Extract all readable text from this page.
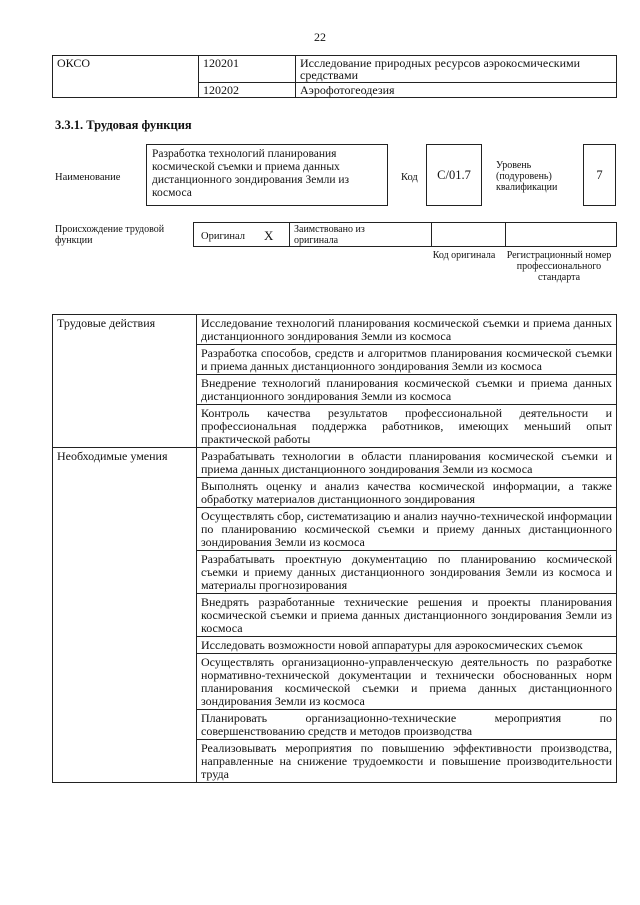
22
ОКСО	120201	Исследование природных ресурсов аэрокосмическими средствами
	120202	Аэрофотогеодезия
3.3.1. Трудовая функция
Наименование
Разработка технологий планирования космической съемки и приема данных дистанционного зондирования Земли из космоса
Код	C/01.7
Уровень (подуровень) квалификации
7
Происхождение трудовой функции	Оригинал X Заимствовано из оригинала
Код оригинала	Регистрационный номер профессионального стандарта
Трудовые действия	Исследование технологий планирования космической съемки и приема данных дистанционного зондирования Земли из космоса
	Разработка способов, средств и алгоритмов планирования космической съемки и приема данных дистанционного зондирования Земли из космоса
	Внедрение технологий планирования космической съемки и приема данных дистанционного зондирования Земли из космоса
	Контроль качества результатов профессиональной деятельности и профессиональная поддержка работников, имеющих меньший опыт практической работы
Необходимые умения	Разрабатывать технологии в области планирования космической съемки и приема данных дистанционного зондирования Земли из космоса
	Выполнять оценку и анализ качества космической информации, а также обработку материалов дистанционного зондирования
	Осуществлять сбор, систематизацию и анализ научно-технической информации по планированию космической съемки и приему данных дистанционного зондирования Земли из космоса
	Разрабатывать проектную документацию по планированию космической съемки и приему данных дистанционного зондирования Земли из космоса и материалы прогнозирования
	Внедрять разработанные технические решения и проекты планирования космической съемки и приема данных дистанционного зондирования Земли из космоса
	Исследовать возможности новой аппаратуры для аэрокосмических съемок
	Осуществлять организационно-управленческую деятельность по разработке нормативно-технической документации и технически обоснованных норм планирования космической съемки и приема данных дистанционного зондирования Земли из космоса
	Планировать организационно-технические мероприятия по совершенствованию средств и методов производства
	Реализовывать мероприятия по повышению эффективности производства, направленные на снижение трудоемкости и повышение производительности труда
